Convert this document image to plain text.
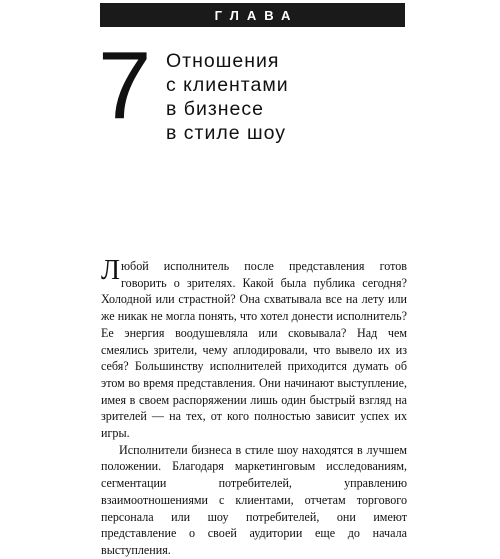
ГЛАВА
7 Отношения
с клиентами
в бизнесе
в стиле шоу

Любой исполнитель после представления готов говорить о зрителях. Какой была публика сегодня? Холодной или страстной? Она схватывала все на лету или же никак не могла понять, что хотел донести исполнитель? Ее энергия воодушевляла или сковывала? Над чем смеялись зрители, чему аплодировали, что вывело их из себя? Большинству исполнителей приходится думать об этом во время представления. Они начинают выступление, имея в своем распоряжении лишь один быстрый взгляд на зрителей — на тех, от кого полностью зависит успех их игры.

Исполнители бизнеса в стиле шоу находятся в лучшем положении. Благодаря маркетинговым исследованиям, сегментации потребителей, управлению взаимоотношениями с клиентами, отчетам торгового персонала или шоу потребителей, они имеют представление о своей аудитории еще до начала выступления.
